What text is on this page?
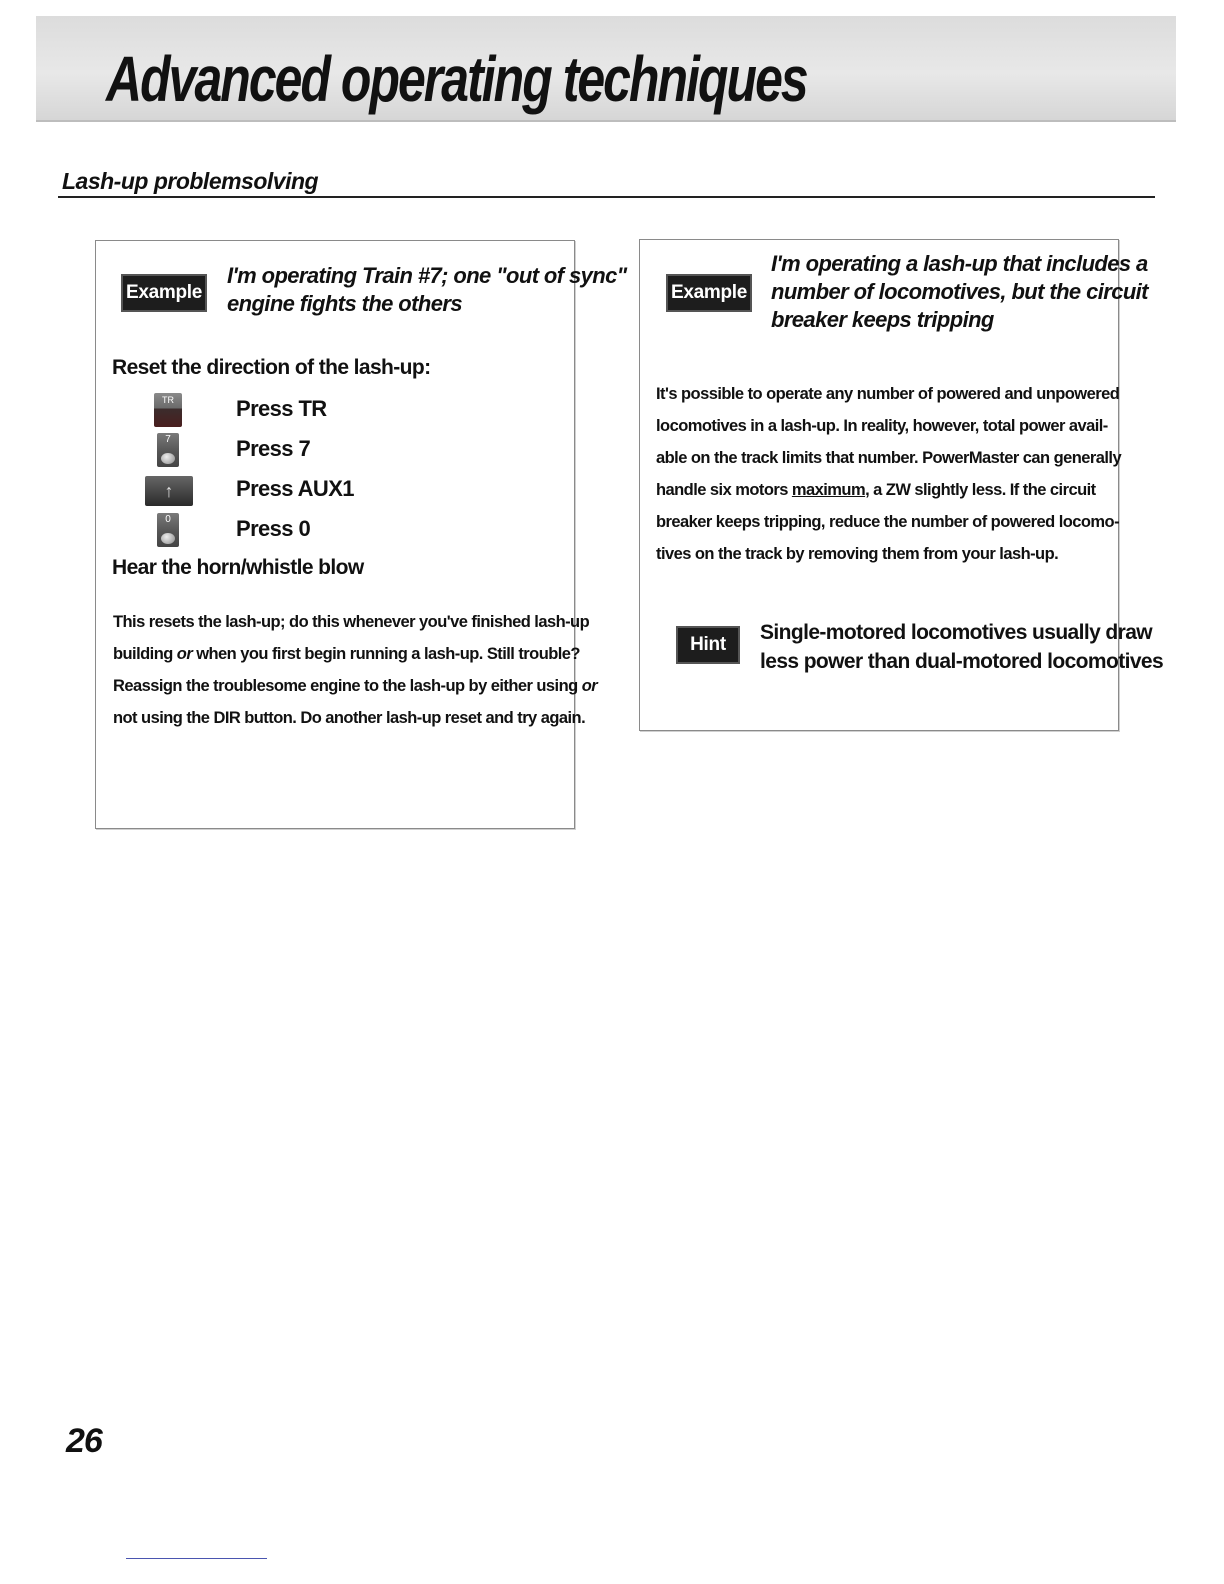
Advanced operating techniques
Lash-up problemsolving
Example
I'm operating Train #7; one "out of sync"
engine fights the others
Reset the direction of the lash-up:
TR	Press TR
7	Press 7
↑	Press AUX1
0	Press 0
Hear the horn/whistle blow
This resets the lash-up; do this whenever you've finished lash-up
building or when you first begin running a lash-up. Still trouble?
Reassign the troublesome engine to the lash-up by either using or
not using the DIR button. Do another lash-up reset and try again.
Example
I'm operating a lash-up that includes a
number of locomotives, but the circuit
breaker keeps tripping
It's possible to operate any number of powered and unpowered
locomotives in a lash-up. In reality, however, total power avail-
able on the track limits that number. PowerMaster can generally
handle six motors maximum, a ZW slightly less. If the circuit
breaker keeps tripping, reduce the number of powered locomo-
tives on the track by removing them from your lash-up.
Hint
Single-motored locomotives usually draw
less power than dual-motored locomotives
26
